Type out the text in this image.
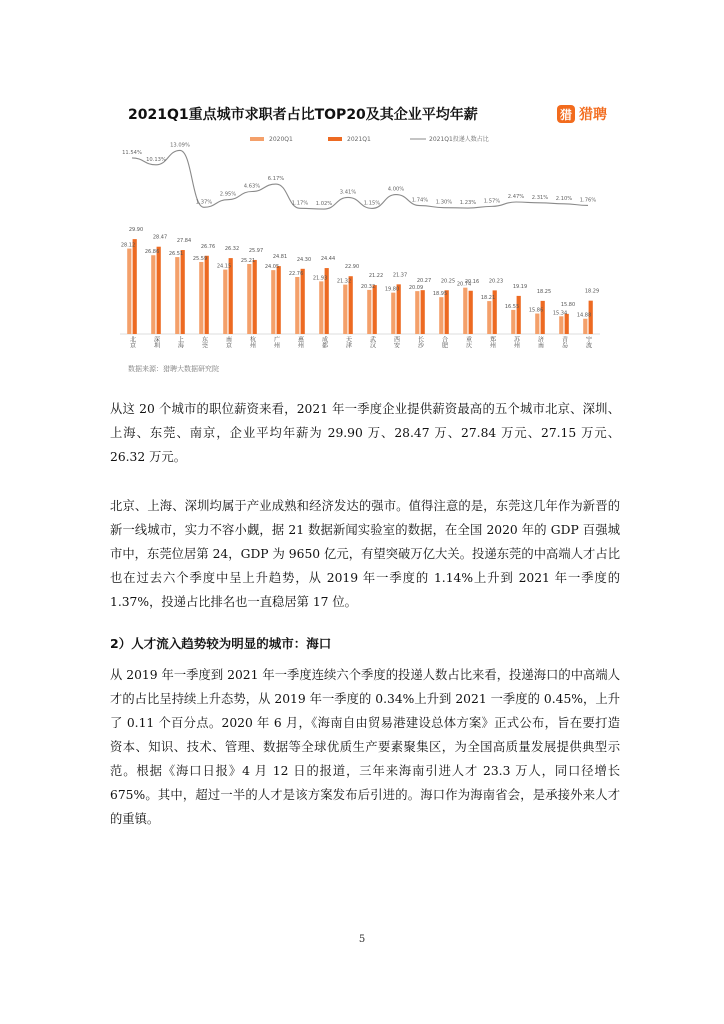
2021Q1重点城市求职者占比TOP20及其企业平均年薪	猎 猎聘
2020Q1	2021Q1	2021Q1投递人数占比
28.12
29.90
北京
26.86
28.47
深圳
26.51
27.84
上海
25.59
26.76
东莞
24.15
26.32
南京
25.21
25.97
杭州
24.05
24.81
广州
22.76
24.30
惠州
21.93
24.44
成都
21.32
22.90
天津
20.32
21.22
武汉
19.80
21.37
西安
20.09
20.27
长沙
18.95
20.25
合肥
20.74
20.16
重庆
18.21
20.23
郑州
16.55
19.19
苏州
15.86
18.25
济南
15.34
15.80
青岛
14.88
18.29
宁波
11.54%
10.13%
13.09%
1.37%
2.95%
4.63%
6.17%
1.17% 1.02%
3.41%
1.15%
4.00%
1.74% 1.30% 1.23% 1.57%
2.47% 2.31% 2.10% 1.76%
数据来源：猎聘大数据研究院
从这 20 个城市的职位薪资来看，2021 年一季度企业提供薪资最高的五个城市北京、深圳、上海、东莞、南京，企业平均年薪为 29.90 万、28.47 万、27.84 万元、27.15 万元、26.32 万元。
北京、上海、深圳均属于产业成熟和经济发达的强市。值得注意的是，东莞这几年作为新晋的新一线城市，实力不容小觑，据 21 数据新闻实验室的数据，在全国 2020 年的 GDP 百强城市中，东莞位居第 24，GDP 为 9650 亿元，有望突破万亿大关。投递东莞的中高端人才占比也在过去六个季度中呈上升趋势，从 2019 年一季度的 1.14%上升到 2021 年一季度的 1.37%，投递占比排名也一直稳居第 17 位。
2）人才流入趋势较为明显的城市：海口
从 2019 年一季度到 2021 年一季度连续六个季度的投递人数占比来看，投递海口的中高端人才的占比呈持续上升态势，从 2019 年一季度的 0.34%上升到 2021 一季度的 0.45%，上升了 0.11 个百分点。2020 年 6 月，《海南自由贸易港建设总体方案》正式公布，旨在要打造资本、知识、技术、管理、数据等全球优质生产要素聚集区，为全国高质量发展提供典型示范。根据《海口日报》4 月 12 日的报道，三年来海南引进人才 23.3 万人，同口径增长 675%。其中，超过一半的人才是该方案发布后引进的。海口作为海南省会，是承接外来人才的重镇。
5
